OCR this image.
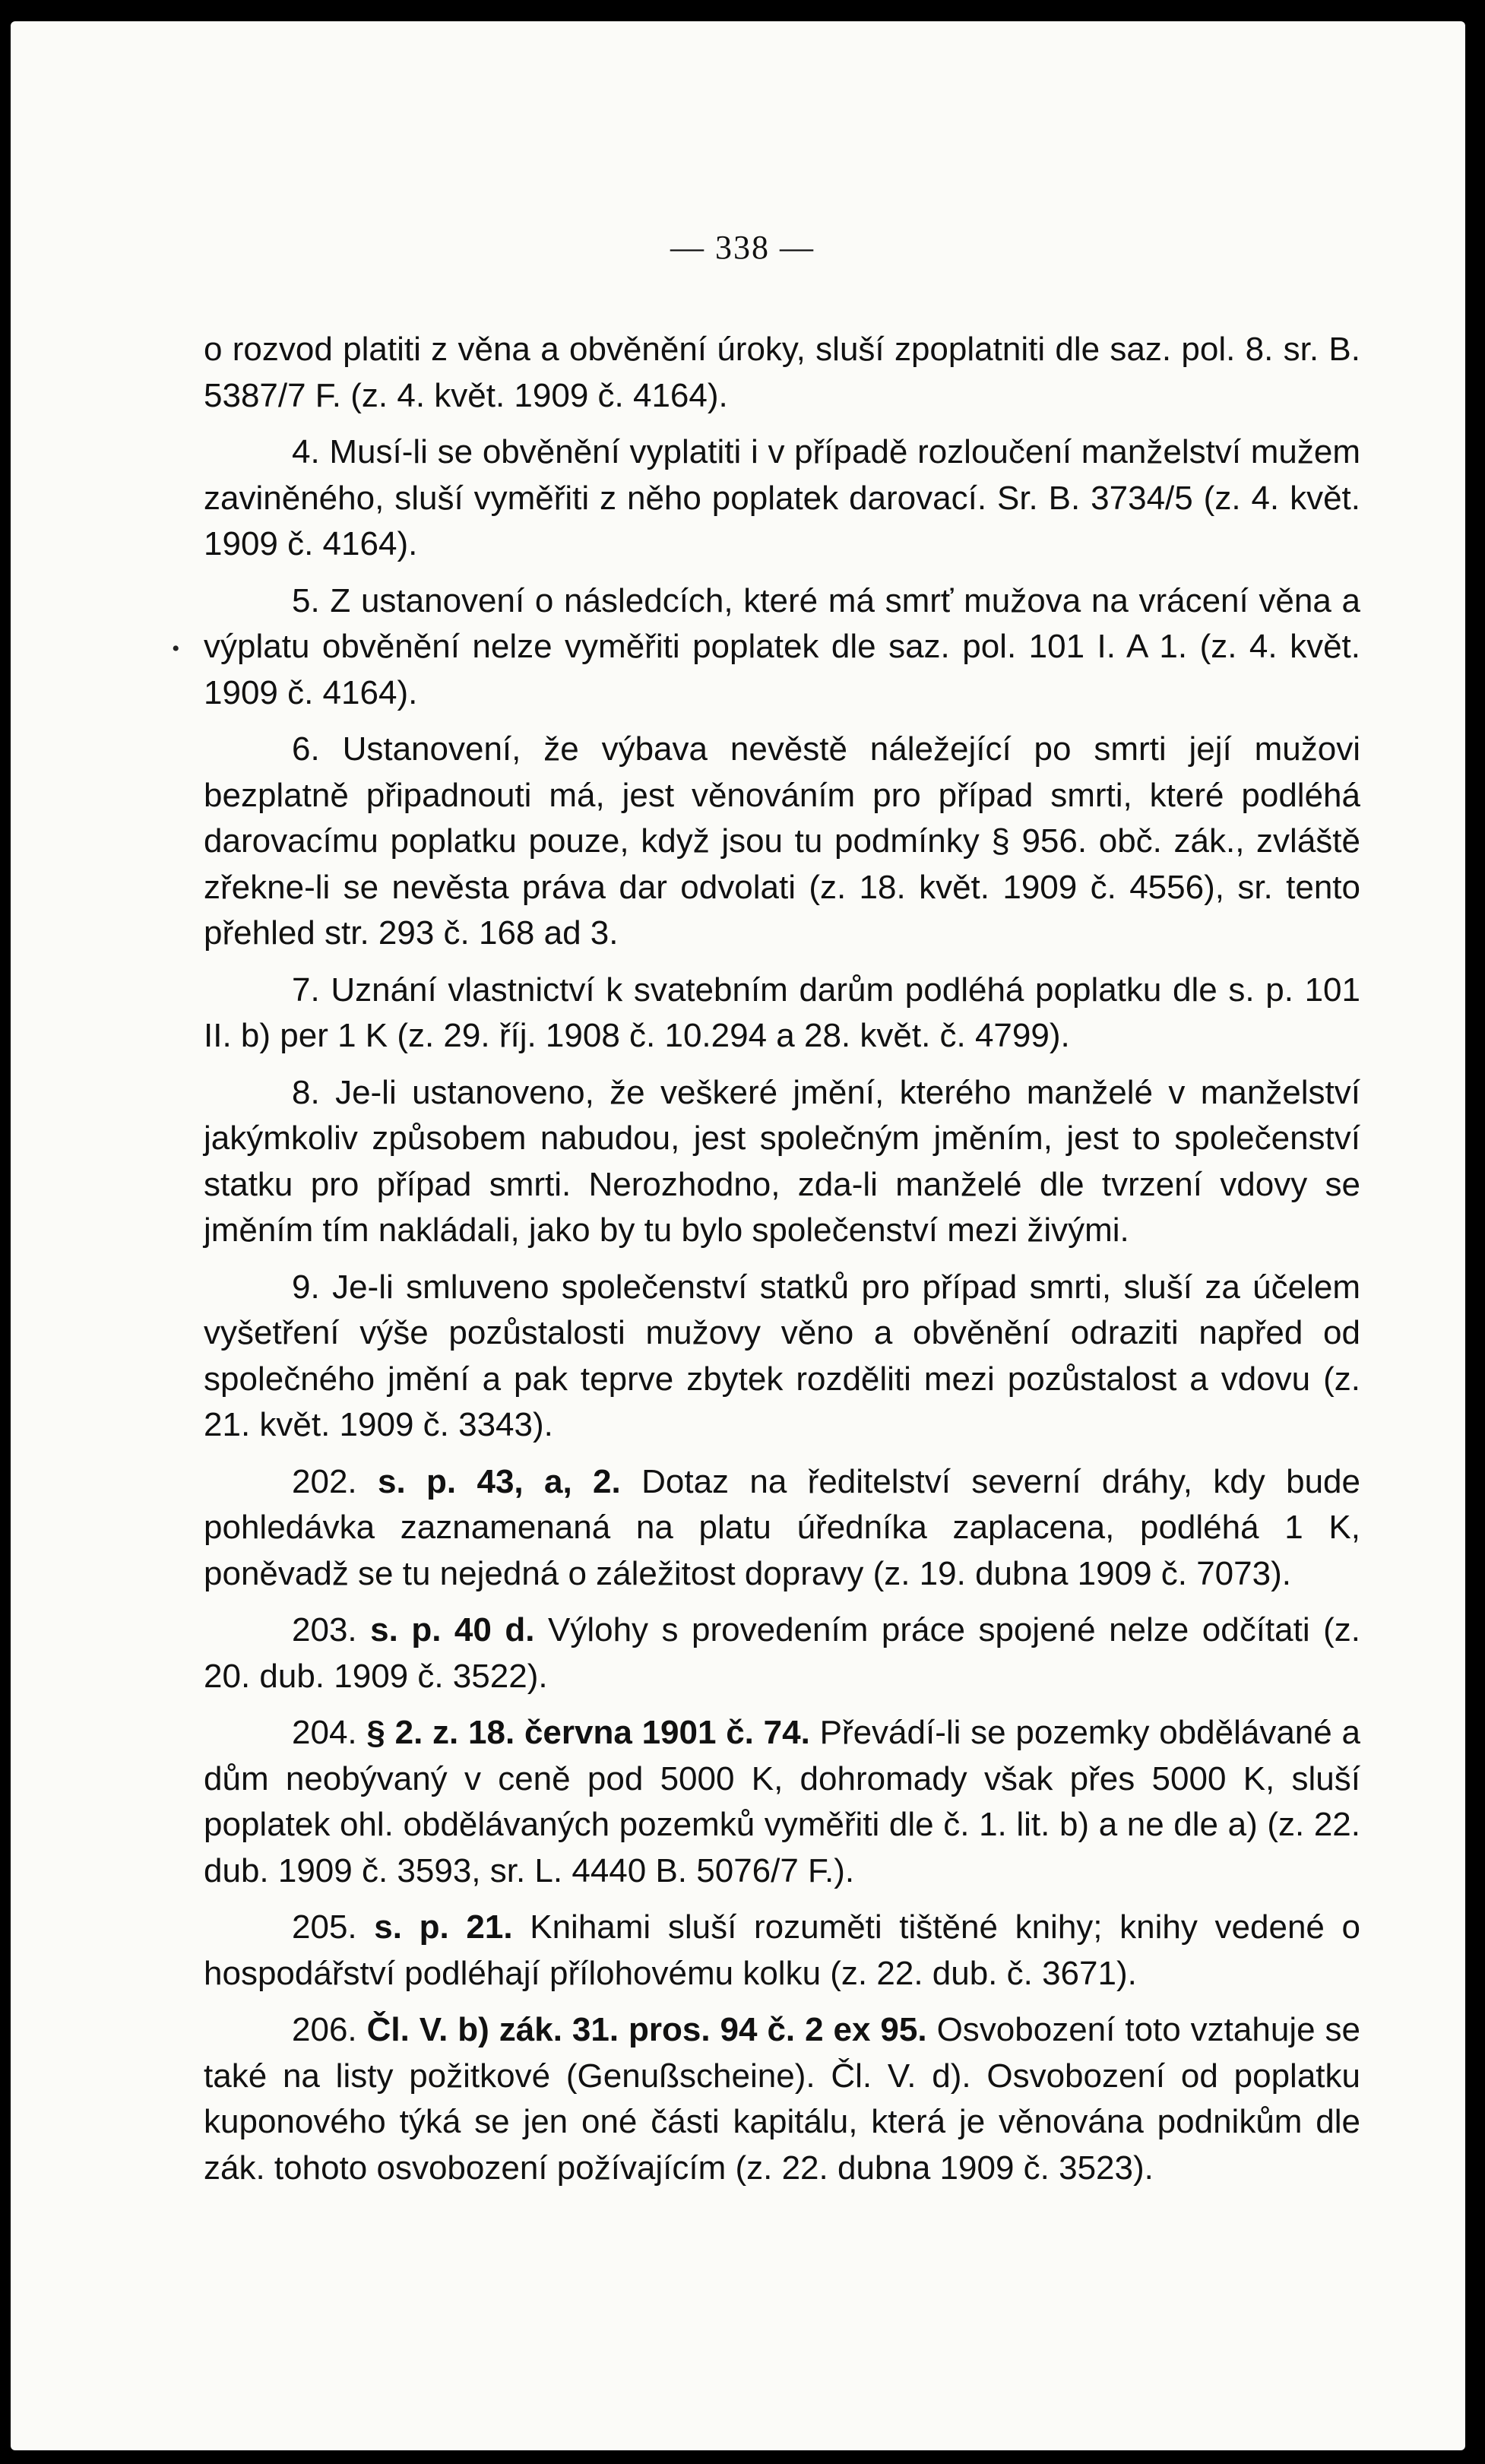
— 338 —
•

o rozvod platiti z věna a obvěnění úroky, sluší zpoplatniti dle saz. pol. 8. sr. B. 5387/7 F. (z. 4. květ. 1909 č. 4164).

4. Musí-li se obvěnění vyplatiti i v případě rozloučení manželství mužem zaviněného, sluší vyměřiti z něho poplatek darovací. Sr. B. 3734/5 (z. 4. květ. 1909 č. 4164).

5. Z ustanovení o následcích, které má smrť mužova na vrácení věna a výplatu obvěnění nelze vyměřiti poplatek dle saz. pol. 101 I. A 1. (z. 4. květ. 1909 č. 4164).

6. Ustanovení, že výbava nevěstě náležející po smrti její mužovi bezplatně připadnouti má, jest věnováním pro případ smrti, které podléhá darovacímu poplatku pouze, když jsou tu podmínky § 956. obč. zák., zvláště zřekne-li se nevěsta práva dar odvolati (z. 18. květ. 1909 č. 4556), sr. tento přehled str. 293 č. 168 ad 3.

7. Uznání vlastnictví k svatebním darům podléhá poplatku dle s. p. 101 II. b) per 1 K (z. 29. říj. 1908 č. 10.294 a 28. květ. č. 4799).

8. Je-li ustanoveno, že veškeré jmění, kterého manželé v manželství jakýmkoliv způsobem nabudou, jest společným jměním, jest to společenství statku pro případ smrti. Nerozhodno, zda-li manželé dle tvrzení vdovy se jměním tím nakládali, jako by tu bylo společenství mezi živými.

9. Je-li smluveno společenství statků pro případ smrti, sluší za účelem vyšetření výše pozůstalosti mužovy věno a obvěnění odraziti napřed od společného jmění a pak teprve zbytek rozděliti mezi pozůstalost a vdovu (z. 21. květ. 1909 č. 3343).

202. s. p. 43, a, 2. Dotaz na ředitelství severní dráhy, kdy bude pohledávka zaznamenaná na platu úředníka zaplacena, podléhá 1 K, poněvadž se tu nejedná o záležitost dopravy (z. 19. dubna 1909 č. 7073).

203. s. p. 40 d. Výlohy s provedením práce spojené nelze odčítati (z. 20. dub. 1909 č. 3522).

204. § 2. z. 18. června 1901 č. 74. Převádí-li se pozemky obdělávané a dům neobývaný v ceně pod 5000 K, dohromady však přes 5000 K, sluší poplatek ohl. obdělávaných pozemků vyměřiti dle č. 1. lit. b) a ne dle a) (z. 22. dub. 1909 č. 3593, sr. L. 4440 B. 5076/7 F.).

205. s. p. 21. Knihami sluší rozuměti tištěné knihy; knihy vedené o hospodářství podléhají přílohovému kolku (z. 22. dub. č. 3671).

206. Čl. V. b) zák. 31. pros. 94 č. 2 ex 95. Osvobození toto vztahuje se také na listy požitkové (Genußscheine). Čl. V. d). Osvobození od poplatku kuponového týká se jen oné části kapitálu, která je věnována podnikům dle zák. tohoto osvobození požívajícím (z. 22. dubna 1909 č. 3523).
